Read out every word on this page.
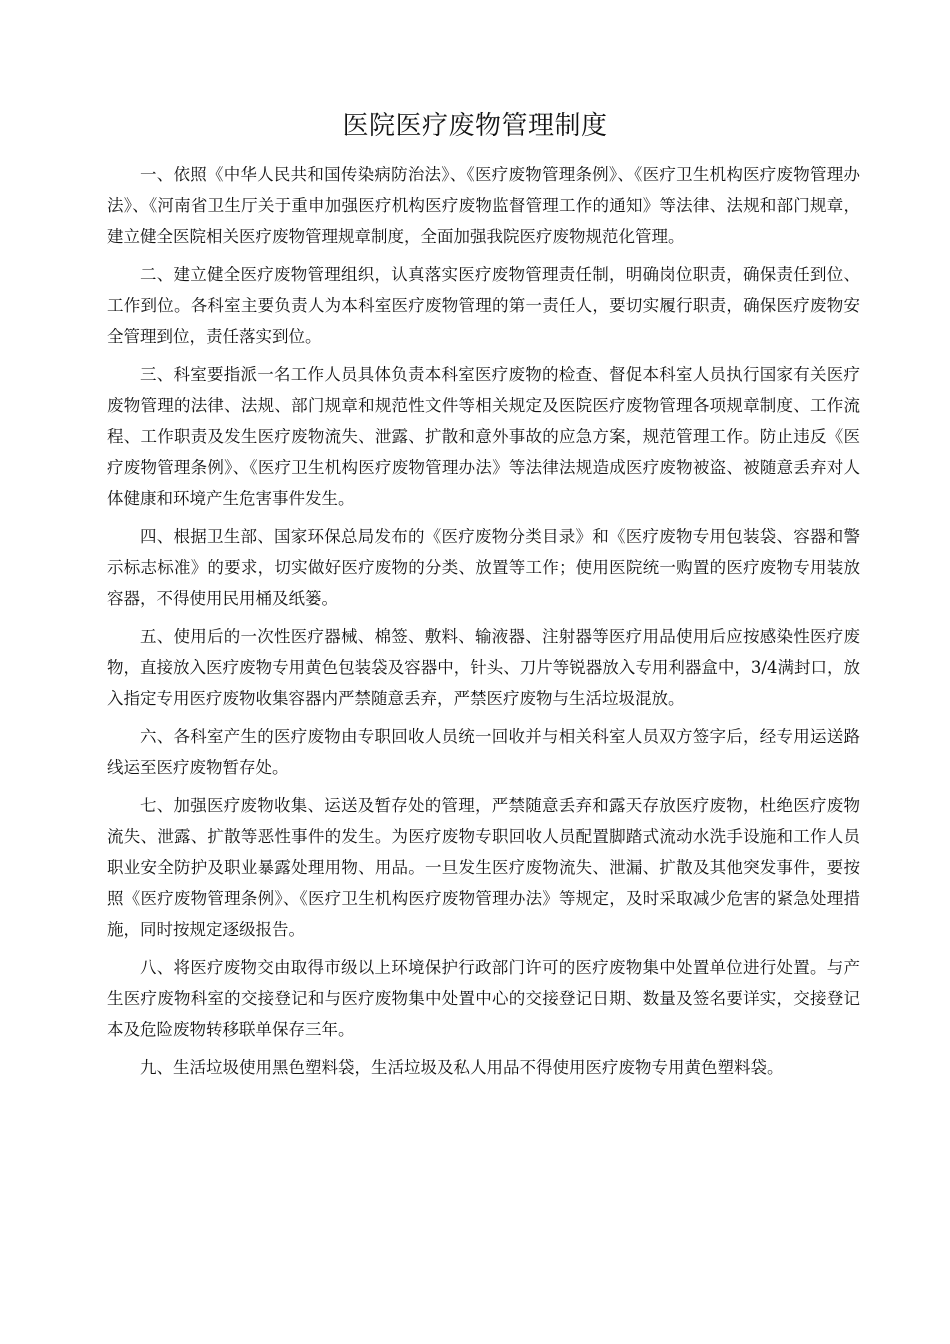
医院医疗废物管理制度

一、依照《中华人民共和国传染病防治法》、《医疗废物管理条例》、《医疗卫生机构医疗废物管理办法》、《河南省卫生厅关于重申加强医疗机构医疗废物监督管理工作的通知》等法律、法规和部门规章，建立健全医院相关医疗废物管理规章制度，全面加强我院医疗废物规范化管理。

二、建立健全医疗废物管理组织，认真落实医疗废物管理责任制，明确岗位职责，确保责任到位、工作到位。各科室主要负责人为本科室医疗废物管理的第一责任人，要切实履行职责，确保医疗废物安全管理到位，责任落实到位。

三、科室要指派一名工作人员具体负责本科室医疗废物的检查、督促本科室人员执行国家有关医疗废物管理的法律、法规、部门规章和规范性文件等相关规定及医院医疗废物管理各项规章制度、工作流程、工作职责及发生医疗废物流失、泄露、扩散和意外事故的应急方案，规范管理工作。防止违反《医疗废物管理条例》、《医疗卫生机构医疗废物管理办法》等法律法规造成医疗废物被盗、被随意丢弃对人体健康和环境产生危害事件发生。

四、根据卫生部、国家环保总局发布的《医疗废物分类目录》和《医疗废物专用包装袋、容器和警示标志标准》的要求，切实做好医疗废物的分类、放置等工作；使用医院统一购置的医疗废物专用装放容器，不得使用民用桶及纸篓。

五、使用后的一次性医疗器械、棉签、敷料、输液器、注射器等医疗用品使用后应按感染性医疗废物，直接放入医疗废物专用黄色包装袋及容器中，针头、刀片等锐器放入专用利器盒中，3/4满封口，放入指定专用医疗废物收集容器内严禁随意丢弃，严禁医疗废物与生活垃圾混放。

六、各科室产生的医疗废物由专职回收人员统一回收并与相关科室人员双方签字后，经专用运送路线运至医疗废物暂存处。

七、加强医疗废物收集、运送及暂存处的管理，严禁随意丢弃和露天存放医疗废物，杜绝医疗废物流失、泄露、扩散等恶性事件的发生。为医疗废物专职回收人员配置脚踏式流动水洗手设施和工作人员职业安全防护及职业暴露处理用物、用品。一旦发生医疗废物流失、泄漏、扩散及其他突发事件，要按照《医疗废物管理条例》、《医疗卫生机构医疗废物管理办法》等规定，及时采取减少危害的紧急处理措施，同时按规定逐级报告。

八、将医疗废物交由取得市级以上环境保护行政部门许可的医疗废物集中处置单位进行处置。与产生医疗废物科室的交接登记和与医疗废物集中处置中心的交接登记日期、数量及签名要详实，交接登记本及危险废物转移联单保存三年。

九、生活垃圾使用黑色塑料袋，生活垃圾及私人用品不得使用医疗废物专用黄色塑料袋。
